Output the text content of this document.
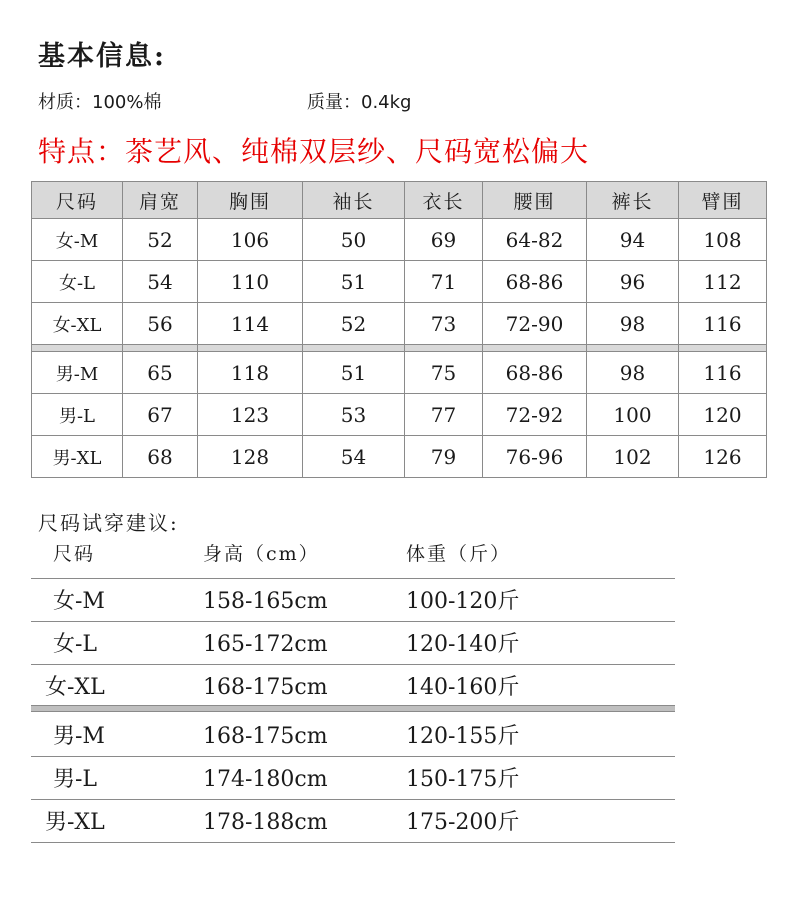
基本信息:
材质：100%棉	质量：0.4kg
特点：茶艺风、纯棉双层纱、尺码宽松偏大
尺码	肩宽	胸围	袖长	衣长	腰围	裤长	臂围
女-M	52	106	50	69	64-82	94	108
女-L	54	110	51	71	68-86	96	112
女-XL	56	114	52	73	72-90	98	116

男-M	65	118	51	75	68-86	98	116
男-L	67	123	53	77	72-92	100	120
男-XL	68	128	54	79	76-96	102	126
尺码试穿建议:
尺码	身高（cm）	体重（斤）
女-M	158-165cm	100-120斤
女-L	165-172cm	120-140斤
女-XL	168-175cm	140-160斤
男-M	168-175cm	120-155斤
男-L	174-180cm	150-175斤
男-XL	178-188cm	175-200斤
